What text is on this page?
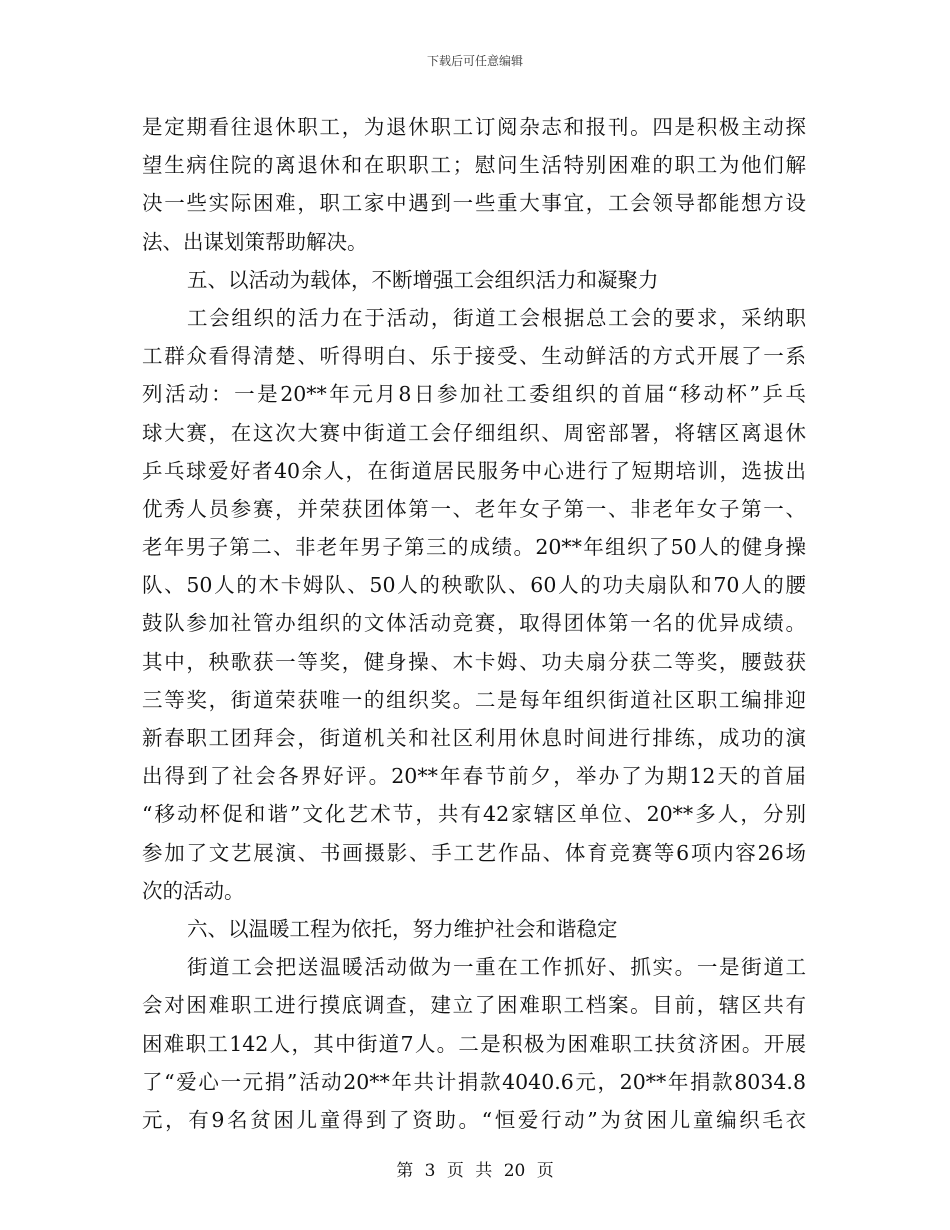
下载后可任意编辑
是定期看往退休职工，为退休职工订阅杂志和报刊。四是积极主动探
望生病住院的离退休和在职职工；慰问生活特别困难的职工为他们解
决一些实际困难，职工家中遇到一些重大事宜，工会领导都能想方设
法、出谋划策帮助解决。
五、以活动为载体，不断增强工会组织活力和凝聚力
工会组织的活力在于活动，街道工会根据总工会的要求，采纳职
工群众看得清楚、听得明白、乐于接受、生动鲜活的方式开展了一系
列活动：一是20**年元月8日参加社工委组织的首届“移动杯”乒乓
球大赛，在这次大赛中街道工会仔细组织、周密部署，将辖区离退休
乒乓球爱好者40余人，在街道居民服务中心进行了短期培训，选拔出
优秀人员参赛，并荣获团体第一、老年女子第一、非老年女子第一、
老年男子第二、非老年男子第三的成绩。20**年组织了50人的健身操
队、50人的木卡姆队、50人的秧歌队、60人的功夫扇队和70人的腰
鼓队参加社管办组织的文体活动竞赛，取得团体第一名的优异成绩。
其中，秧歌获一等奖，健身操、木卡姆、功夫扇分获二等奖，腰鼓获
三等奖，街道荣获唯一的组织奖。二是每年组织街道社区职工编排迎
新春职工团拜会，街道机关和社区利用休息时间进行排练，成功的演
出得到了社会各界好评。20**年春节前夕，举办了为期12天的首届
“移动杯促和谐”文化艺术节，共有42家辖区单位、20**多人，分别
参加了文艺展演、书画摄影、手工艺作品、体育竞赛等6项内容26场
次的活动。
六、以温暖工程为依托，努力维护社会和谐稳定
街道工会把送温暖活动做为一重在工作抓好、抓实。一是街道工
会对困难职工进行摸底调查，建立了困难职工档案。目前，辖区共有
困难职工142人，其中街道7人。二是积极为困难职工扶贫济困。开展
了“爱心一元捐”活动20**年共计捐款4040.6元，20**年捐款8034.8
元，有9名贫困儿童得到了资助。“恒爱行动”为贫困儿童编织毛衣
第 3 页 共 20 页
